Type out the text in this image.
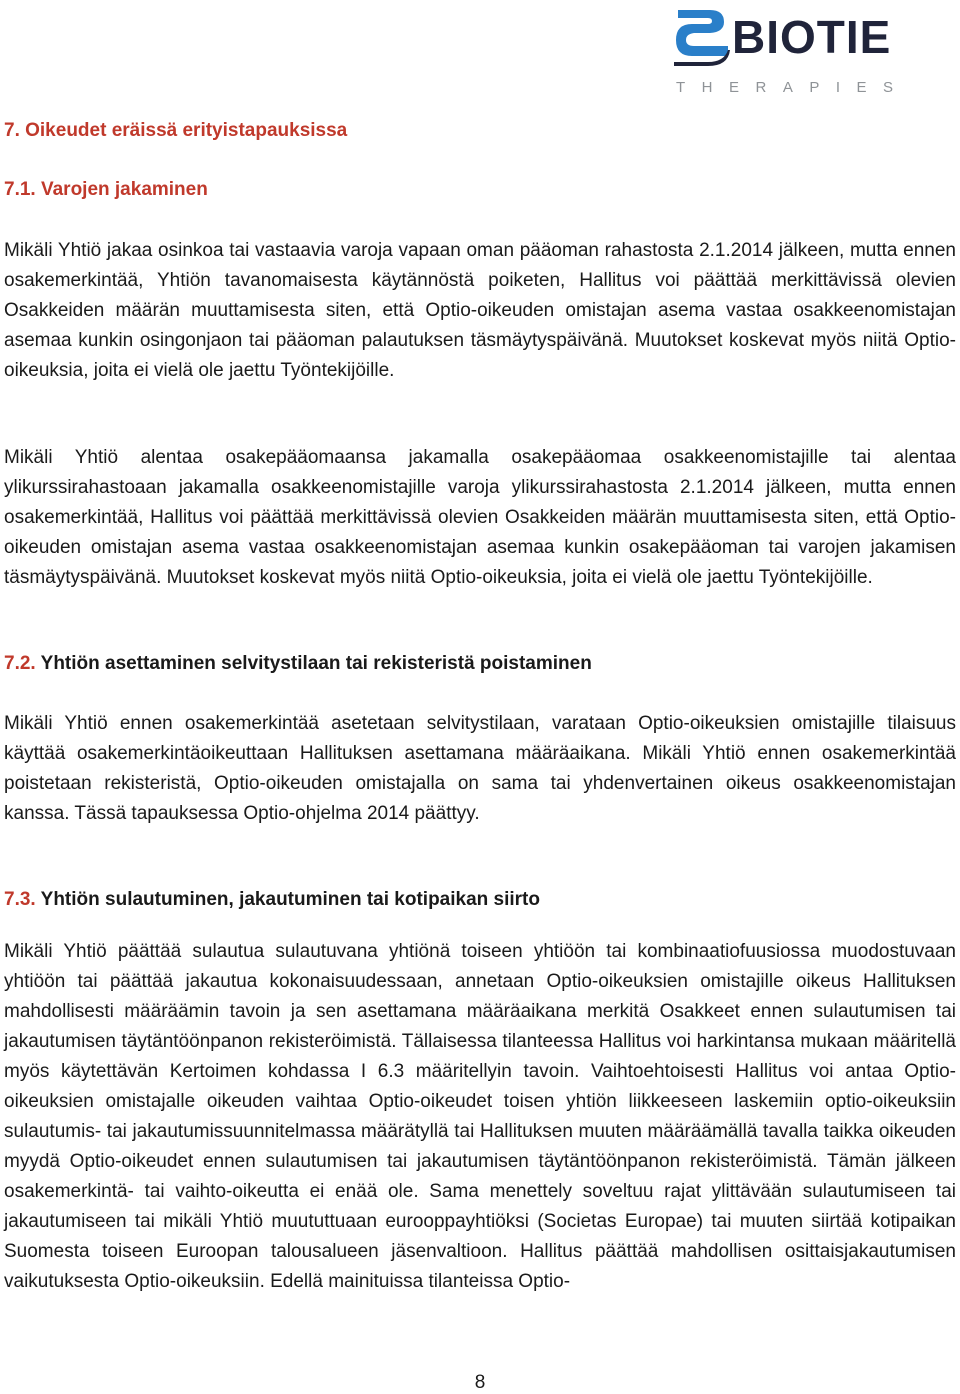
BIOTIE
THERAPIES
7. Oikeudet eräissä erityistapauksissa
7.1. Varojen jakaminen

Mikäli Yhtiö jakaa osinkoa tai vastaavia varoja vapaan oman pääoman rahastosta 2.1.2014 jälkeen, mutta ennen osakemerkintää, Yhtiön tavanomaisesta käytännöstä poiketen, Hallitus voi päättää merkittävissä olevien Osakkeiden määrän muuttamisesta siten, että Optio-oikeuden omistajan asema vastaa osakkeenomistajan asemaa kunkin osingonjaon tai pääoman palautuksen täsmäytyspäivänä. Muutokset koskevat myös niitä Optio-oikeuksia, joita ei vielä ole jaettu Työntekijöille.

Mikäli Yhtiö alentaa osakepääomaansa jakamalla osakepääomaa osakkeenomistajille tai alentaa ylikurssirahastoaan jakamalla osakkeenomistajille varoja ylikurssirahastosta 2.1.2014 jälkeen, mutta ennen osakemerkintää, Hallitus voi päättää merkittävissä olevien Osakkeiden määrän muuttamisesta siten, että Optio-oikeuden omistajan asema vastaa osakkeenomistajan asemaa kunkin osakepääoman tai varojen jakamisen täsmäytyspäivänä. Muutokset koskevat myös niitä Optio-oikeuksia, joita ei vielä ole jaettu Työntekijöille.

7.2. Yhtiön asettaminen selvitystilaan tai rekisteristä poistaminen

Mikäli Yhtiö ennen osakemerkintää asetetaan selvitystilaan, varataan Optio-oikeuksien omistajille tilaisuus käyttää osakemerkintäoikeuttaan Hallituksen asettamana määräaikana. Mikäli Yhtiö ennen osakemerkintää poistetaan rekisteristä, Optio-oikeuden omistajalla on sama tai yhdenvertainen oikeus osakkeenomistajan kanssa. Tässä tapauksessa Optio-ohjelma 2014 päättyy.

7.3. Yhtiön sulautuminen, jakautuminen tai kotipaikan siirto

Mikäli Yhtiö päättää sulautua sulautuvana yhtiönä toiseen yhtiöön tai kombinaatiofuusiossa muodostuvaan yhtiöön tai päättää jakautua kokonaisuudessaan, annetaan Optio-oikeuksien omistajille oikeus Hallituksen mahdollisesti määräämin tavoin ja sen asettamana määräaikana merkitä Osakkeet ennen sulautumisen tai jakautumisen täytäntöönpanon rekisteröimistä. Tällaisessa tilanteessa Hallitus voi harkintansa mukaan määritellä myös käytettävän Kertoimen kohdassa I 6.3 määritellyin tavoin. Vaihtoehtoisesti Hallitus voi antaa Optio-oikeuksien omistajalle oikeuden vaihtaa Optio-oikeudet toisen yhtiön liikkeeseen laskemiin optio-oikeuksiin sulautumis- tai jakautumissuunnitelmassa määrätyllä tai Hallituksen muuten määräämällä tavalla taikka oikeuden myydä Optio-oikeudet ennen sulautumisen tai jakautumisen täytäntöönpanon rekisteröimistä. Tämän jälkeen osakemerkintä- tai vaihto-oikeutta ei enää ole. Sama menettely soveltuu rajat ylittävään sulautumiseen tai jakautumiseen tai mikäli Yhtiö muututtuaan eurooppayhtiöksi (Societas Europae) tai muuten siirtää kotipaikan Suomesta toiseen Euroopan talousalueen jäsenvaltioon. Hallitus päättää mahdollisen osittaisjakautumisen vaikutuksesta Optio-oikeuksiin. Edellä mainituissa tilanteissa Optio-

8
